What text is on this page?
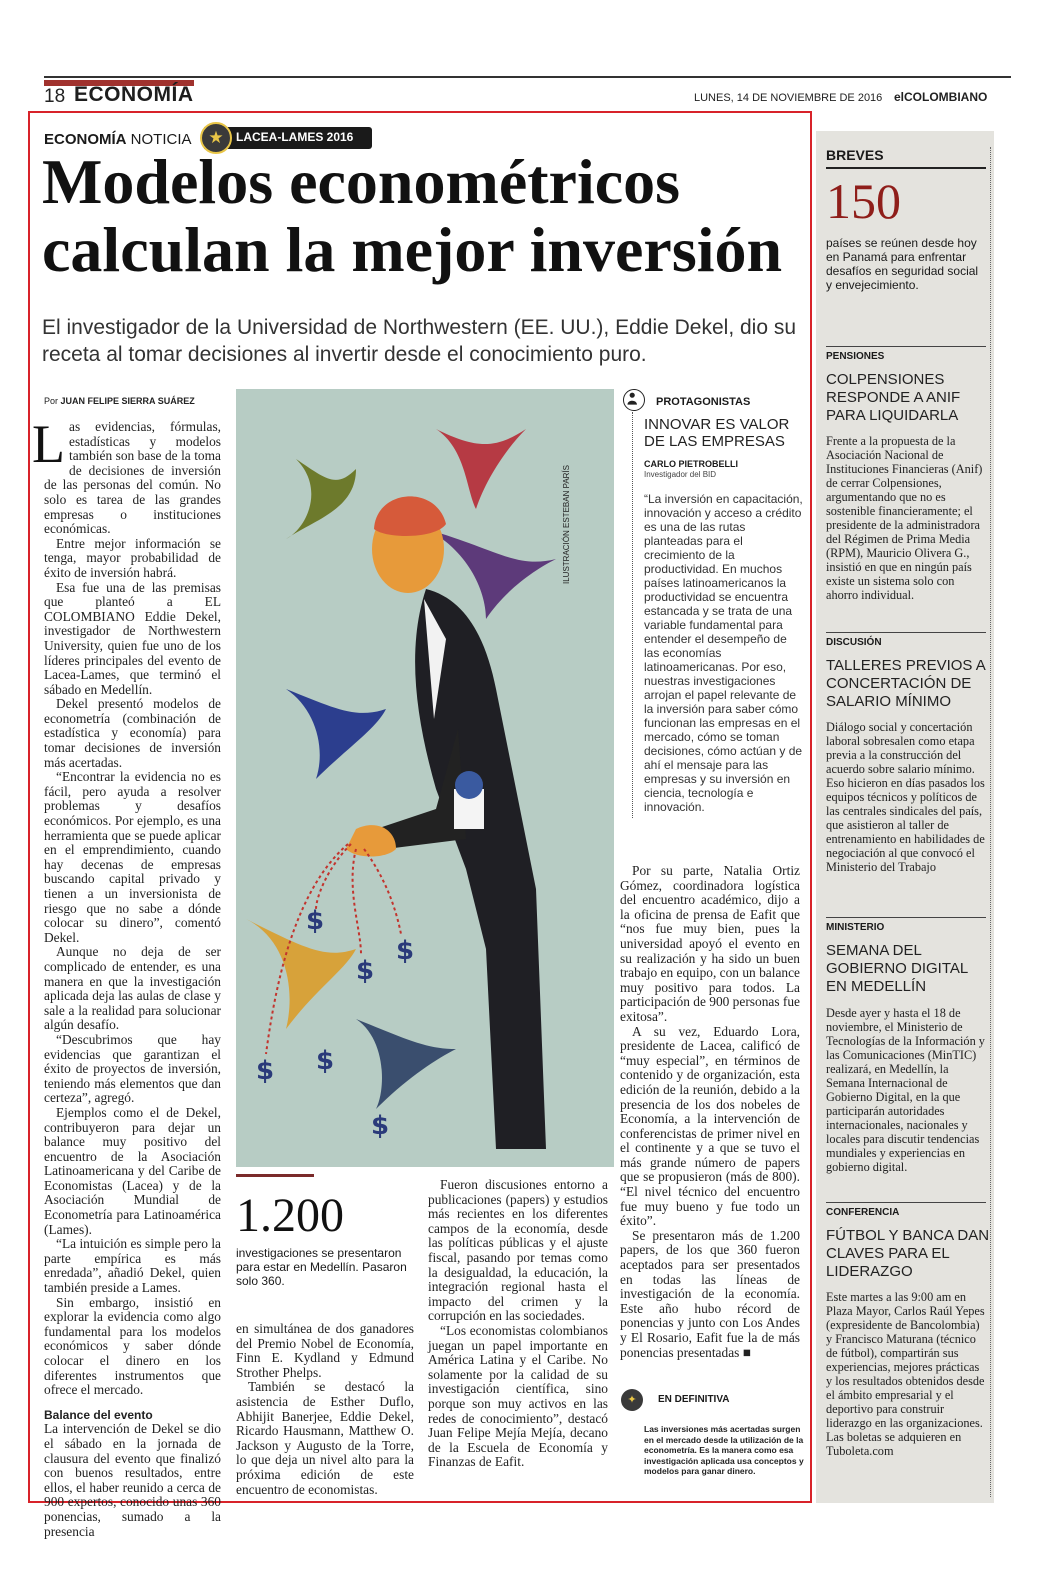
18 ECONOMÍA	LUNES, 14 DE NOVIEMBRE DE 2016 elCOLOMBIANO
ECONOMÍA NOTICIA ★	LACEA-LAMES 2016
Modelos econométricos
calculan la mejor inversión
El investigador de la Universidad de Northwestern (EE. UU.), Eddie Dekel, dio su receta al tomar decisiones al invertir desde el conocimiento puro.
Por JUAN FELIPE SIERRA SUÁREZ

Las evidencias, fórmulas, estadísticas y modelos también son base de la toma de decisiones de inversión de las personas del común. No solo es tarea de las grandes empresas o instituciones económicas.

Entre mejor información se tenga, mayor probabilidad de éxito de inversión habrá.

Esa fue una de las premisas que planteó a EL COLOMBIANO Eddie Dekel, investigador de Northwestern University, quien fue uno de los líderes principales del evento de Lacea-Lames, que terminó el sábado en Medellín.

Dekel presentó modelos de econometría (combinación de estadística y economía) para tomar decisiones de inversión más acertadas.

“Encontrar la evidencia no es fácil, pero ayuda a resolver problemas y desafíos económicos. Por ejemplo, es una herramienta que se puede aplicar en el emprendimiento, cuando hay decenas de empresas buscando capital privado y tienen a un inversionista de riesgo que no sabe a dónde colocar su dinero”, comentó Dekel.

Aunque no deja de ser complicado de entender, es una manera en que la investigación aplicada deja las aulas de clase y sale a la realidad para solucionar algún desafío.

“Descubrimos que hay evidencias que garantizan el éxito de proyectos de inversión, teniendo más elementos que dan certeza”, agregó.

Ejemplos como el de Dekel, contribuyeron para dejar un balance muy positivo del encuentro de la Asociación Latinoamericana y del Caribe de Economistas (Lacea) y de la Asociación Mundial de Econometría para Latinoamérica (Lames).

“La intuición es simple pero la parte empírica es más enredada”, añadió Dekel, quien también preside a Lames.

Sin embargo, insistió en explorar la evidencia como algo fundamental para los modelos económicos y saber dónde colocar el dinero en los diferentes instrumentos que ofrece el mercado.

Balance del evento

La intervención de Dekel se dio el sábado en la jornada de clausura del evento que finalizó con buenos resultados, entre ellos, el haber reunido a cerca de 900 expertos, conocido unas 360 ponencias, sumado a la presencia

$
$
$
$ $
$
ILUSTRACIÓN ESTEBAN PARÍS
PROTAGONISTAS
INNOVAR ES VALOR DE LAS EMPRESAS
CARLO PIETROBELLI
Investigador del BID
“La inversión en capacitación, innovación y acceso a crédito es una de las rutas planteadas para el crecimiento de la productividad. En muchos países latinoamericanos la productividad se encuentra estancada y se trata de una variable fundamental para entender el desempeño de las economías latinoamericanas. Por eso, nuestras investigaciones arrojan el papel relevante de la inversión para saber cómo funcionan las empresas en el mercado, cómo se toman decisiones, cómo actúan y de ahí el mensaje para las empresas y su inversión en ciencia, tecnología e innovación.

Por su parte, Natalia Ortiz Gómez, coordinadora logística del encuentro académico, dijo a la oficina de prensa de Eafit que “nos fue muy bien, pues la universidad apoyó el evento en su realización y ha sido un buen trabajo en equipo, con un balance muy positivo para todos. La participación de 900 personas fue exitosa”.

A su vez, Eduardo Lora, presidente de Lacea, calificó de “muy especial”, en términos de contenido y de organización, esta edición de la reunión, debido a la presencia de los dos nobeles de Economía, a la intervención de conferencistas de primer nivel en el continente y a que se tuvo el más grande número de papers que se propusieron (más de 800). “El nivel técnico del encuentro fue muy bueno y fue todo un éxito”.

Se presentaron más de 1.200 papers, de los que 360 fueron aceptados para ser presentados en todas las líneas de investigación de la economía. Este año hubo récord de ponencias y junto con Los Andes y El Rosario, Eafit fue la de más ponencias presentadas ■

1.200
investigaciones se presentaron para estar en Medellín. Pasaron solo 360.

en simultánea de dos ganadores del Premio Nobel de Economía, Finn E. Kydland y Edmund Strother Phelps.

También se destacó la asistencia de Esther Duflo, Abhijit Banerjee, Eddie Dekel, Ricardo Hausmann, Matthew O. Jackson y Augusto de la Torre, lo que deja un nivel alto para la próxima edición de este encuentro de economistas.

Fueron discusiones entorno a publicaciones (papers) y estudios más recientes en los diferentes campos de la economía, desde las políticas públicas y el ajuste fiscal, pasando por temas como la desigualdad, la educación, la integración regional hasta el impacto del crimen y la corrupción en las sociedades.

“Los economistas colombianos juegan un papel importante en América Latina y el Caribe. No solamente por la calidad de su investigación científica, sino porque son muy activos en las redes de conocimiento”, destacó Juan Felipe Mejía Mejía, decano de la Escuela de Economía y Finanzas de Eafit.

✦	EN DEFINITIVA
Las inversiones más acertadas surgen en el mercado desde la utilización de la econometría. Es la manera como esa investigación aplicada usa conceptos y modelos para ganar dinero.
BREVES
150
países se reúnen desde hoy en Panamá para enfrentar desafíos en seguridad social y envejecimiento.
PENSIONES
COLPENSIONES RESPONDE A ANIF PARA LIQUIDARLA
Frente a la propuesta de la Asociación Nacional de Instituciones Financieras (Anif) de cerrar Colpensiones, argumentando que no es sostenible financieramente; el presidente de la administradora del Régimen de Prima Media (RPM), Mauricio Olivera G., insistió en que en ningún país existe un sistema solo con ahorro individual.
DISCUSIÓN
TALLERES PREVIOS A CONCERTACIÓN DE SALARIO MÍNIMO
Diálogo social y concertación laboral sobresalen como etapa previa a la construcción del acuerdo sobre salario mínimo. Eso hicieron en días pasados los equipos técnicos y políticos de las centrales sindicales del país, que asistieron al taller de entrenamiento en habilidades de negociación al que convocó el Ministerio del Trabajo
MINISTERIO
SEMANA DEL GOBIERNO DIGITAL EN MEDELLÍN
Desde ayer y hasta el 18 de noviembre, el Ministerio de Tecnologías de la Información y las Comunicaciones (MinTIC) realizará, en Medellín, la Semana Internacional de Gobierno Digital, en la que participarán autoridades internacionales, nacionales y locales para discutir tendencias mundiales y experiencias en gobierno digital.
CONFERENCIA
FÚTBOL Y BANCA DAN CLAVES PARA EL LIDERAZGO
Este martes a las 9:00 am en Plaza Mayor, Carlos Raúl Yepes (expresidente de Bancolombia) y Francisco Maturana (técnico de fútbol), compartirán sus experiencias, mejores prácticas y los resultados obtenidos desde el ámbito empresarial y el deportivo para construir liderazgo en las organizaciones. Las boletas se adquieren en Tuboleta.com
